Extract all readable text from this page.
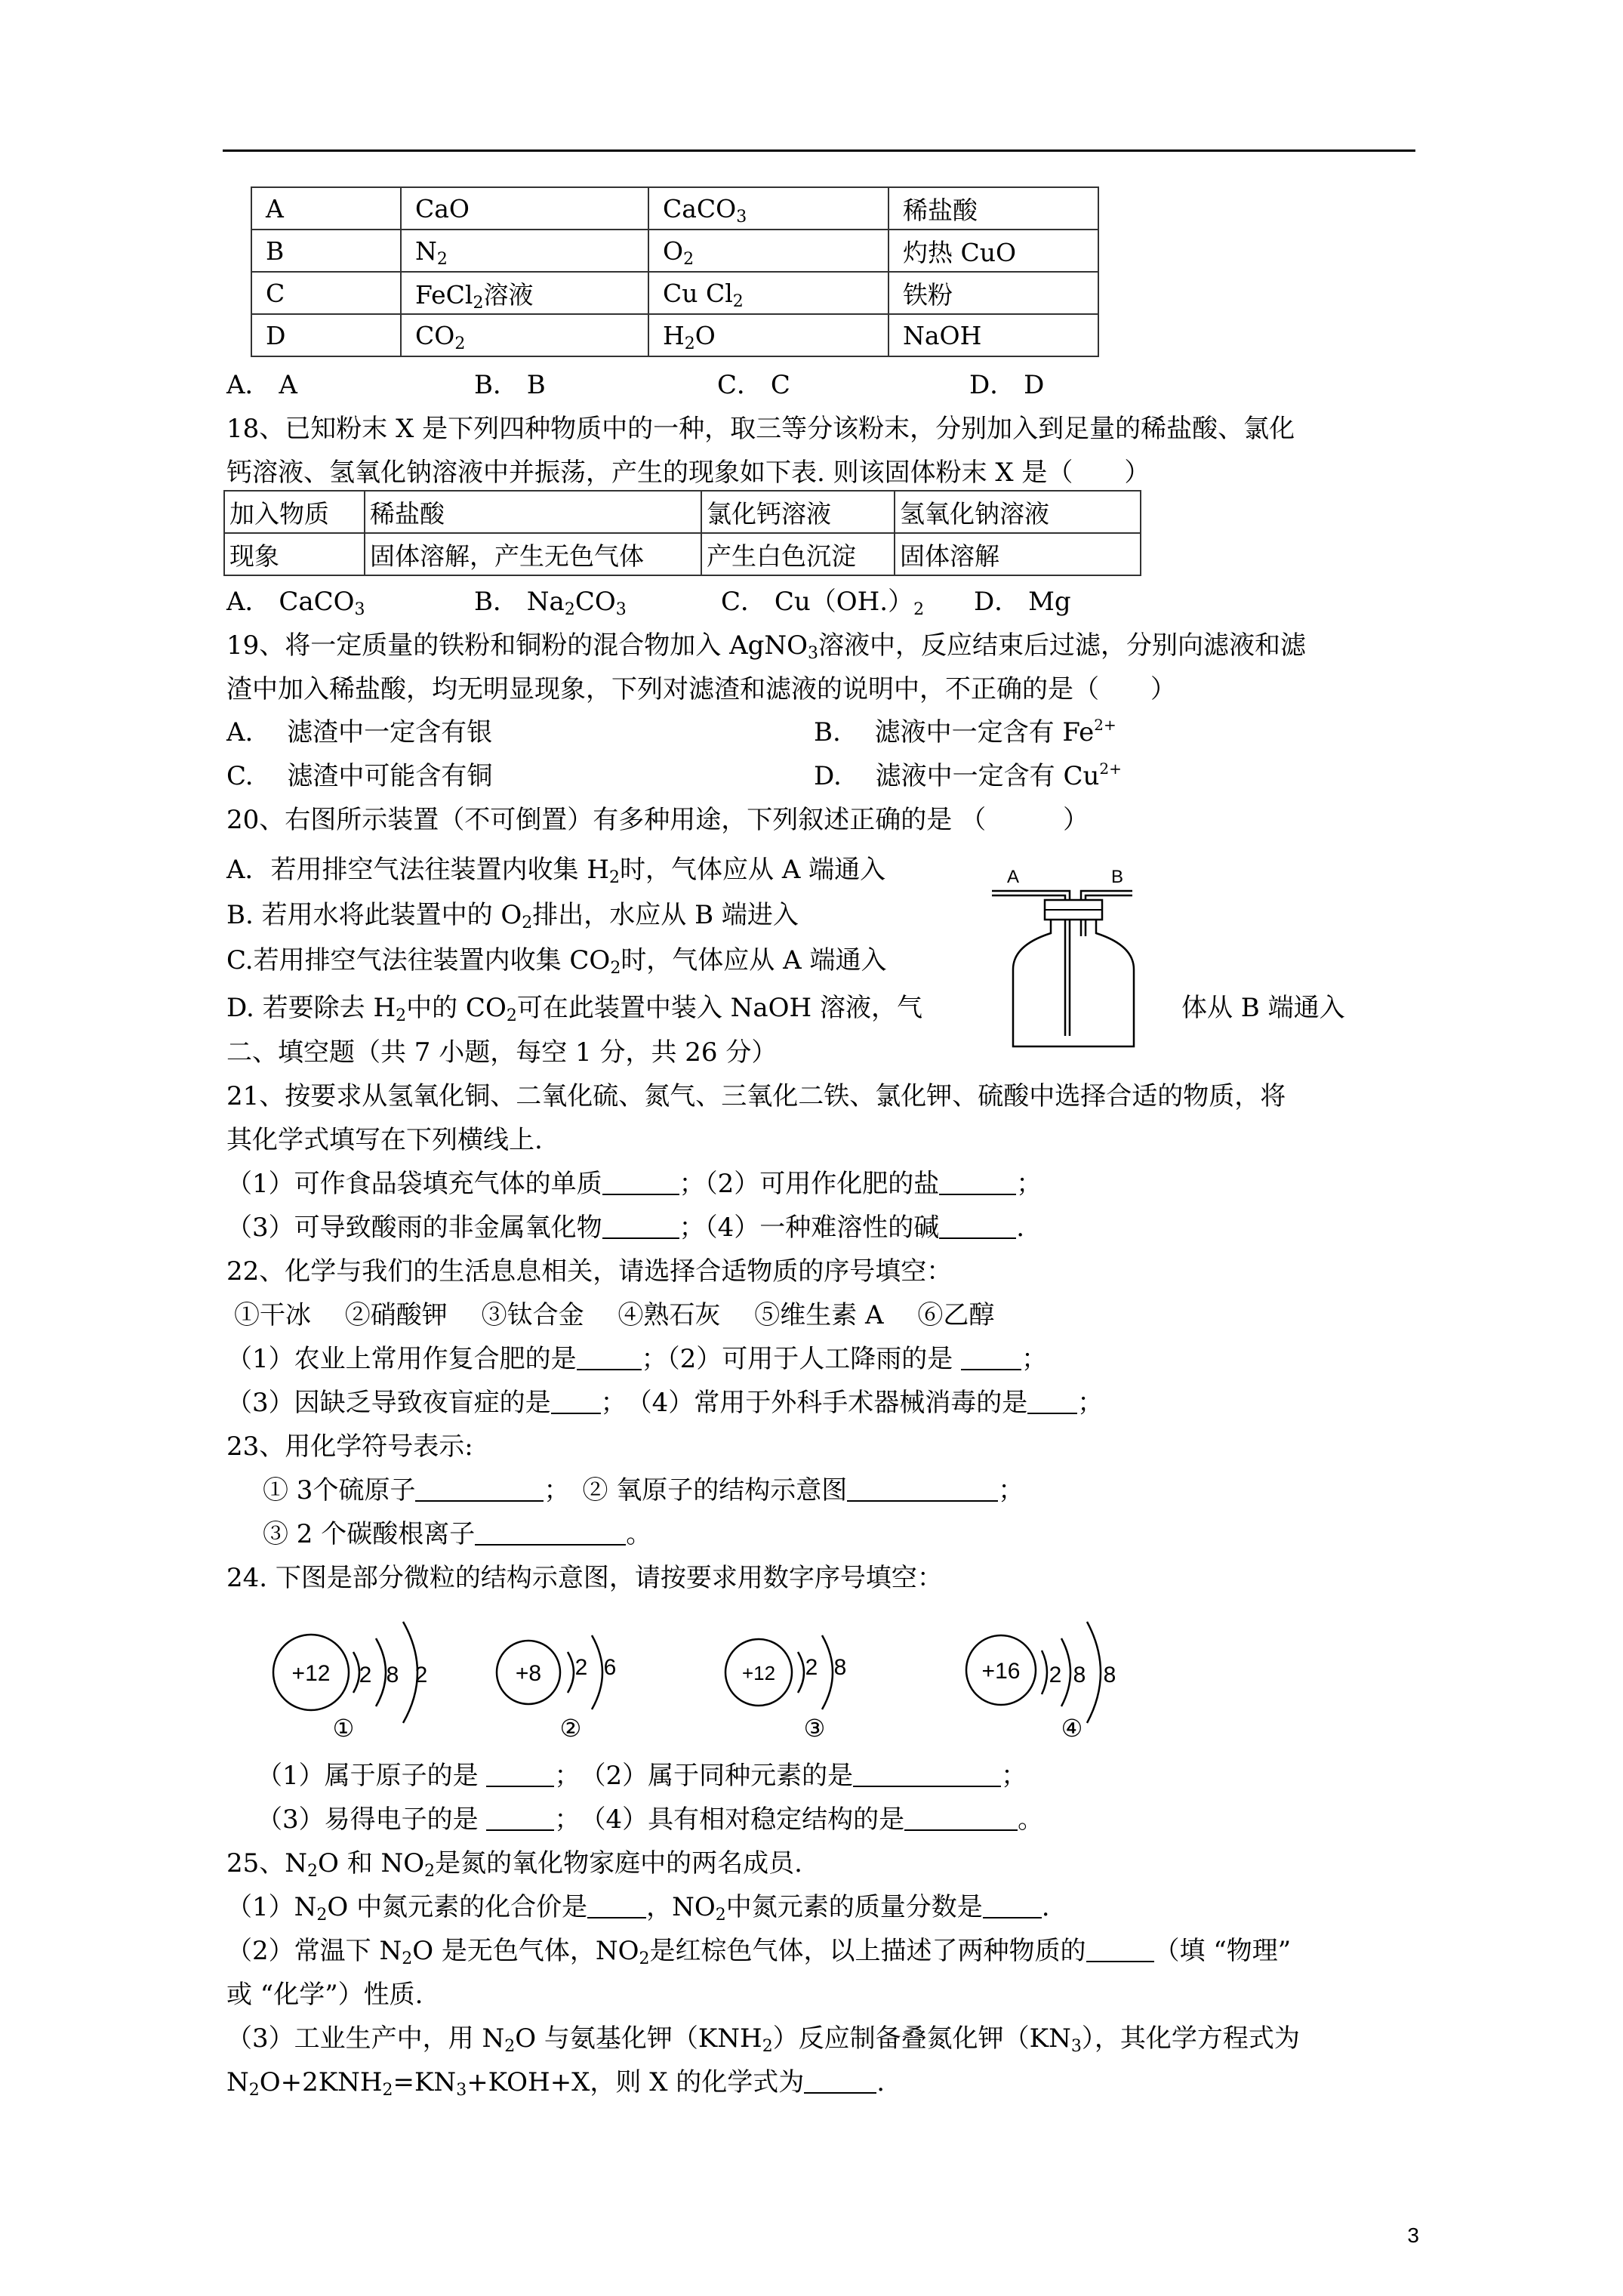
A	CaO	CaCO$_3$	稀盐酸
B	$N_2$	$O_2$	灼热 CuO
C	FeCl$_2$溶液	Cu $Cl_2$	铁粉
D	$CO_2$	$H_2O$	NaOH
A． A	B． B	C． C	D． D
18、已知粉末 X 是下列四种物质中的一种，取三等分该粉末，分别加入到足量的稀盐酸、氯化
钙溶液、氢氧化钠溶液中并振荡，产生的现象如下表. 则该固体粉末 X 是（　　）
加入物质	稀盐酸	氯化钙溶液	氢氧化钠溶液
现象	固体溶解，产生无色气体	产生白色沉淀	固体溶解
A． CaCO$_3$	B． $Na_2CO_3$	C． $Cu(OH.)_2$ D． Mg
19、将一定质量的铁粉和铜粉的混合物加入 AgNO$_3$溶液中，反应结束后过滤，分别向滤液和滤
渣中加入稀盐酸，均无明显现象，下列对滤渣和滤液的说明中，不正确的是（　　）
A.　 滤渣中一定含有银	B.　 滤液中一定含有 $Fe^{2+}$
C.　 滤渣中可能含有铜	D.　 滤液中一定含有 $Cu^{2+}$
20、右图所示装置（不可倒置）有多种用途，下列叙述正确的是 （　　　）
A．若用排空气法往装置内收集 $H_2$时，气体应从 A 端通入
B. 若用水将此装置中的 $O_2$排出，水应从 B 端进入
C.若用排空气法往装置内收集 $CO_2$时，气体应从 A 端通入
D. 若要除去 $H_2$中的 $CO_2$可在此装置中装入 NaOH 溶液，气	体从 B 端通入
A	B
二、填空题（共 7 小题，每空 1 分，共 26 分）
21、按要求从氢氧化铜、二氧化硫、氮气、三氧化二铁、氯化钾、硫酸中选择合适的物质，将
其化学式填写在下列横线上.
（1）可作食品袋填充气体的单质	；（2）可用作化肥的盐	；
（3）可导致酸雨的非金属氧化物	；（4）一种难溶性的碱	.
22、化学与我们的生活息息相关，请选择合适物质的序号填空：
①干冰　 ②硝酸钾　 ③钛合金　 ④熟石灰　 ⑤维生素 A　 ⑥乙醇
（1）农业上常用作复合肥的是	；（2）可用于人工降雨的是 ；
（3）因缺乏导致夜盲症的是 ；　（4）常用于外科手术器械消毒的是 ；
23、用化学符号表示:
① 3个硫原子	；　② 氧原子的结构示意图	；
③ 2 个碳酸根离子	。
24. 下图是部分微粒的结构示意图，请按要求用数字序号填空：
+12 2 8 2
①
+8 2 6
②
+12 2 8
③
+16 2 8 8
④
（1）属于原子的是	；　（2）属于同种元素的是	；
（3）易得电子的是	；　（4）具有相对稳定结构的是	。
25、$N_2O$ 和 $NO_2$是氮的氧化物家庭中的两名成员.
$(1)N_2O$ 中氮元素的化合价是 ，$NO_2$中氮元素的质量分数是 .
（2）常温下 $N_2O$ 是无色气体，$NO_2$是红棕色气体，以上描述了两种物质的	（填 “物理”
或 “化学”）性质.
（3）工业生产中，用 $N_2O$ 与氨基化钾$(KNH_2)$反应制备叠氮化钾$(KN_3)$，其化学方程式为
$N_2O+2KNH_2=KN_3+KOH+X$，则 X 的化学式为	.
3
